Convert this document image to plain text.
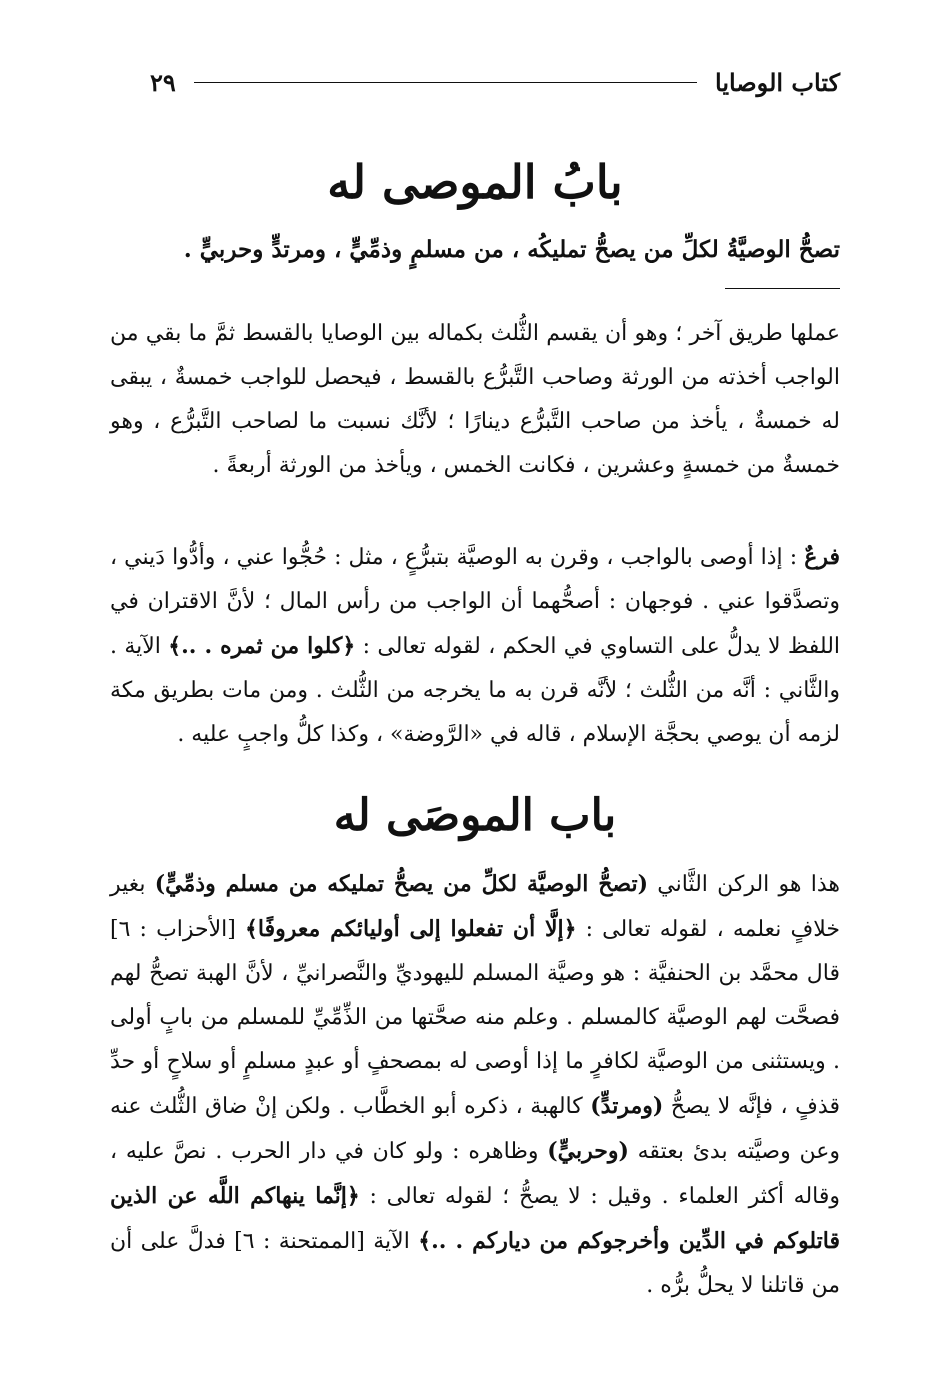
كتاب الوصايا
٢٩
بابُ الموصى له
تصحُّ الوصيَّةُ لكلِّ من يصحُّ تمليكُه ، من مسلمٍ وذمِّيٍّ ، ومرتدٍّ وحربيٍّ .
عملها طريق آخر ؛ وهو أن يقسم الثُّلث بكماله بين الوصايا بالقسط ثمَّ ما بقي من الواجب أخذته من الورثة وصاحب التَّبرُّع بالقسط ، فيحصل للواجب خمسةٌ ، يبقى له خمسةٌ ، يأخذ من صاحب التَّبرُّع دينارًا ؛ لأنَّك نسبت ما لصاحب التَّبرُّع ، وهو خمسةٌ من خمسةٍ وعشرين ، فكانت الخمس ، ويأخذ من الورثة أربعةً .
فرعٌ : إذا أوصى بالواجب ، وقرن به الوصيَّة بتبرُّعٍ ، مثل : حُجُّوا عني ، وأدُّوا دَيني ، وتصدَّقوا عني . فوجهان : أصحُّهما أن الواجب من رأس المال ؛ لأنَّ الاقتران في اللفظ لا يدلُّ على التساوي في الحكم ، لقوله تعالى : ﴿كلوا من ثمره . ..﴾ الآية . والثَّاني : أنَّه من الثُّلث ؛ لأنَّه قرن به ما يخرجه من الثُّلث . ومن مات بطريق مكة لزمه أن يوصي بحجَّة الإسلام ، قاله في «الرَّوضة» ، وكذا كلُّ واجبٍ عليه .
باب الموصَى له
هذا هو الركن الثَّاني (تصحُّ الوصيَّة لكلِّ من يصحُّ تمليكه من مسلم وذمِّيٍّ) بغير خلافٍ نعلمه ، لقوله تعالى : ﴿إلَّا أن تفعلوا إلى أوليائكم معروفًا﴾ [الأحزاب : ٦] قال محمَّد بن الحنفيَّة : هو وصيَّة المسلم لليهوديِّ والنَّصرانيِّ ، لأنَّ الهبة تصحُّ لهم فصحَّت لهم الوصيَّة كالمسلم . وعلم منه صحَّتها من الذِّمِّيِّ للمسلم من بابٍ أولى . ويستثنى من الوصيَّة لكافرٍ ما إذا أوصى له بمصحفٍ أو عبدٍ مسلمٍ أو سلاحٍ أو حدِّ قذفٍ ، فإنَّه لا يصحُّ (ومرتدٍّ) كالهبة ، ذكره أبو الخطَّاب . ولكن إنْ ضاق الثُّلث عنه وعن وصيَّته بدئ بعتقه (وحربيٍّ) وظاهره : ولو كان في دار الحرب . نصَّ عليه ، وقاله أكثر العلماء . وقيل : لا يصحُّ ؛ لقوله تعالى : ﴿إنَّما ينهاكم اللَّه عن الذين قاتلوكم في الدِّين وأخرجوكم من دياركم . ..﴾ الآية [الممتحنة : ٦] فدلَّ على أن من قاتلنا لا يحلُّ برُّه .
